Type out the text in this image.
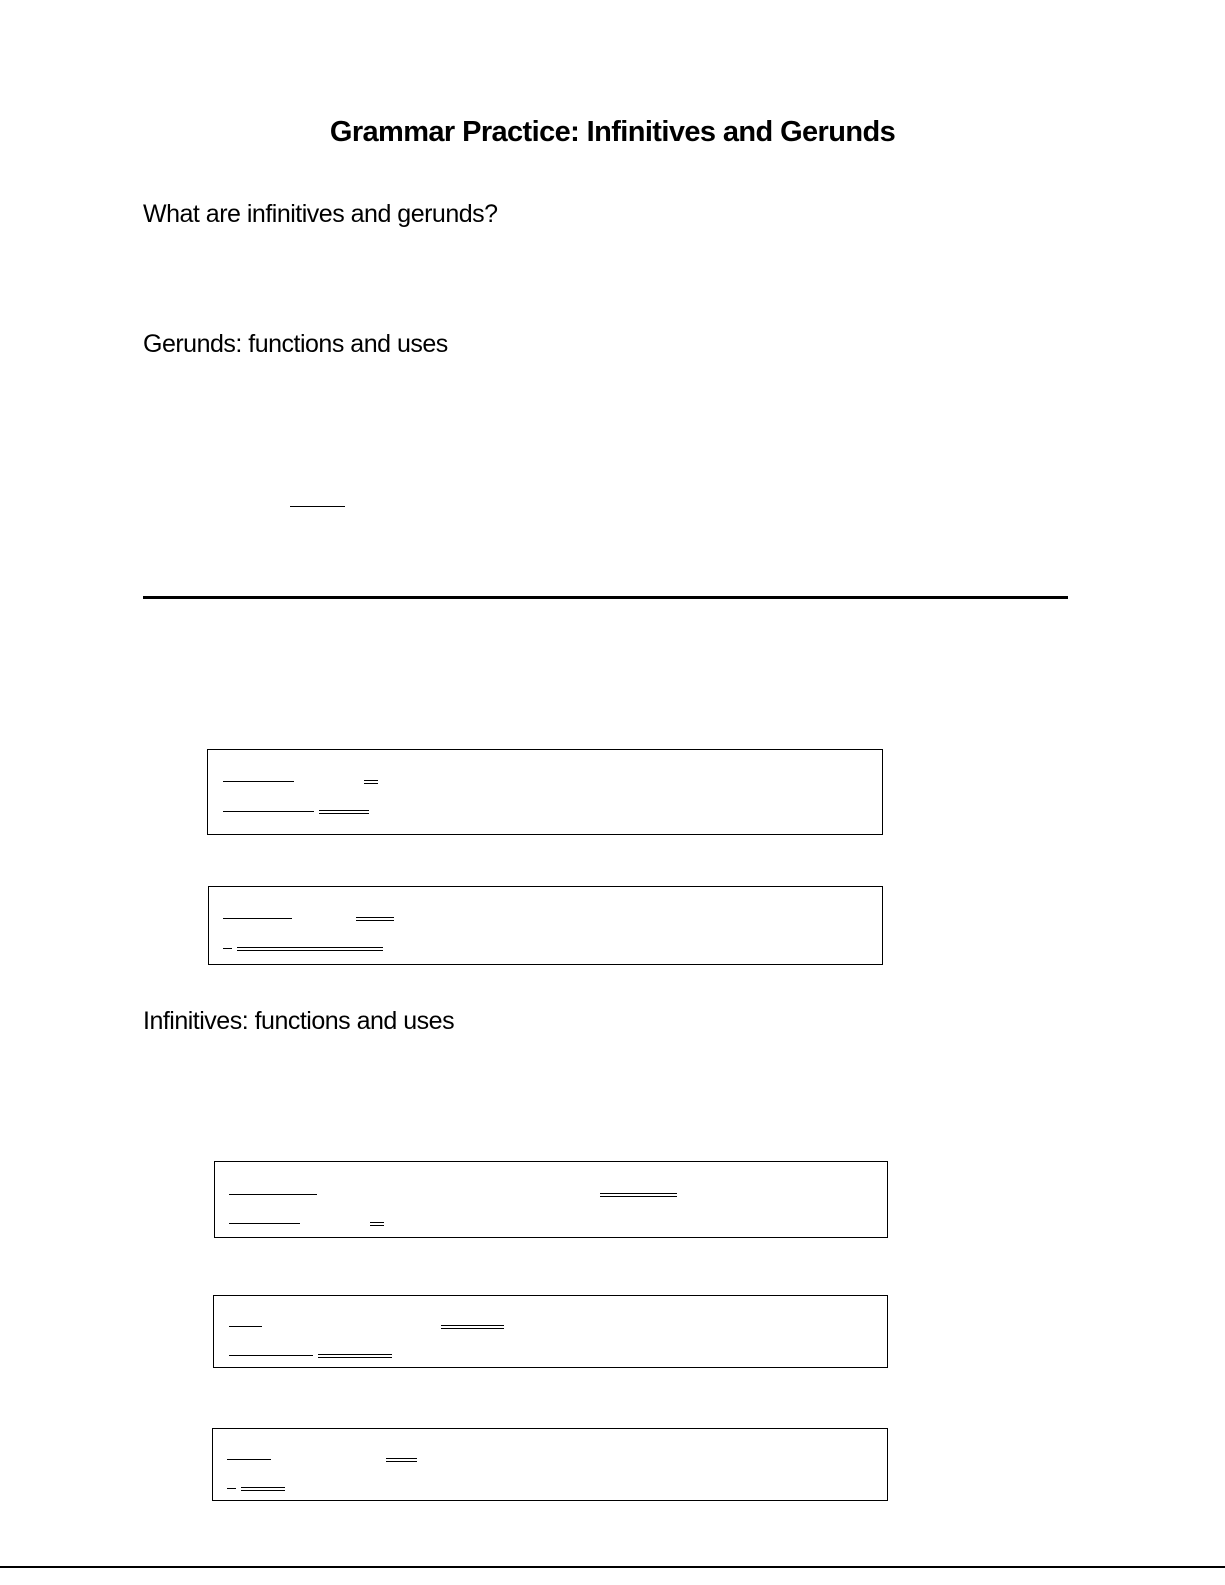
Grammar Practice: Infinitives and Gerunds
What are infinitives and gerunds?
Gerunds: functions and uses
Infinitives: functions and uses
